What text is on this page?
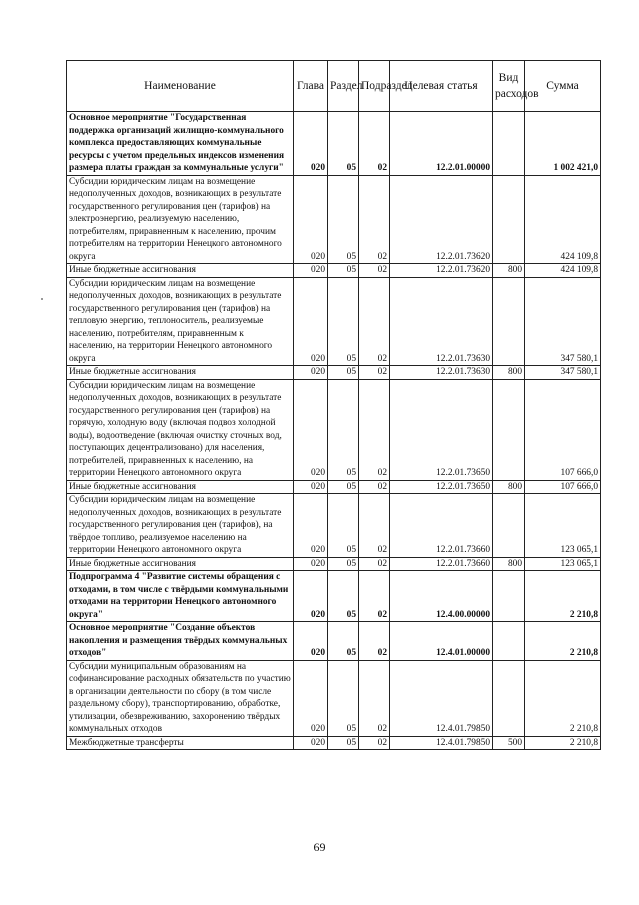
Наименование	Глава	Раздел	Подраздел	Целевая статья	Вид расходов	Сумма
Основное мероприятие "Государственная поддержка организаций жилищно-коммунального комплекса предоставляющих коммунальные ресурсы с учетом предельных индексов изменения размера платы граждан за коммунальные услуги"	020	05	02	12.2.01.00000		1 002 421,0
Субсидии юридическим лицам на возмещение недополученных доходов, возникающих в результате государственного регулирования цен (тарифов) на электроэнергию, реализуемую населению, потребителям, приравненным к населению, прочим потребителям на территории Ненецкого автономного округа	020	05	02	12.2.01.73620		424 109,8
Иные бюджетные ассигнования	020	05	02	12.2.01.73620	800	424 109,8
Субсидии юридическим лицам на возмещение недополученных доходов, возникающих в результате государственного регулирования цен (тарифов) на тепловую энергию, теплоноситель, реализуемые населению, потребителям, приравненным к населению, на территории Ненецкого автономного округа	020	05	02	12.2.01.73630		347 580,1
Иные бюджетные ассигнования	020	05	02	12.2.01.73630	800	347 580,1
Субсидии юридическим лицам на возмещение недополученных доходов, возникающих в результате государственного регулирования цен (тарифов) на горячую, холодную воду (включая подвоз холодной воды), водоотведение (включая очистку сточных вод, поступающих децентрализовано) для населения, потребителей, приравненных к населению, на территории Ненецкого автономного округа	020	05	02	12.2.01.73650		107 666,0
Иные бюджетные ассигнования	020	05	02	12.2.01.73650	800	107 666,0
Субсидии юридическим лицам на возмещение недополученных доходов, возникающих в результате государственного регулирования цен (тарифов), на твёрдое топливо, реализуемое населению на территории Ненецкого автономного округа	020	05	02	12.2.01.73660		123 065,1
Иные бюджетные ассигнования	020	05	02	12.2.01.73660	800	123 065,1
Подпрограмма 4 "Развитие системы обращения с отходами, в том числе с твёрдыми коммунальными отходами на территории Ненецкого автономного округа"	020	05	02	12.4.00.00000		2 210,8
Основное мероприятие "Создание объектов накопления и размещения твёрдых коммунальных отходов"	020	05	02	12.4.01.00000		2 210,8
Субсидии муниципальным образованиям на софинансирование расходных обязательств по участию в организации деятельности по сбору (в том числе раздельному сбору), транспортированию, обработке, утилизации, обезвреживанию, захоронению твёрдых коммунальных отходов	020	05	02	12.4.01.79850		2 210,8
Межбюджетные трансферты	020	05	02	12.4.01.79850	500	2 210,8
69
